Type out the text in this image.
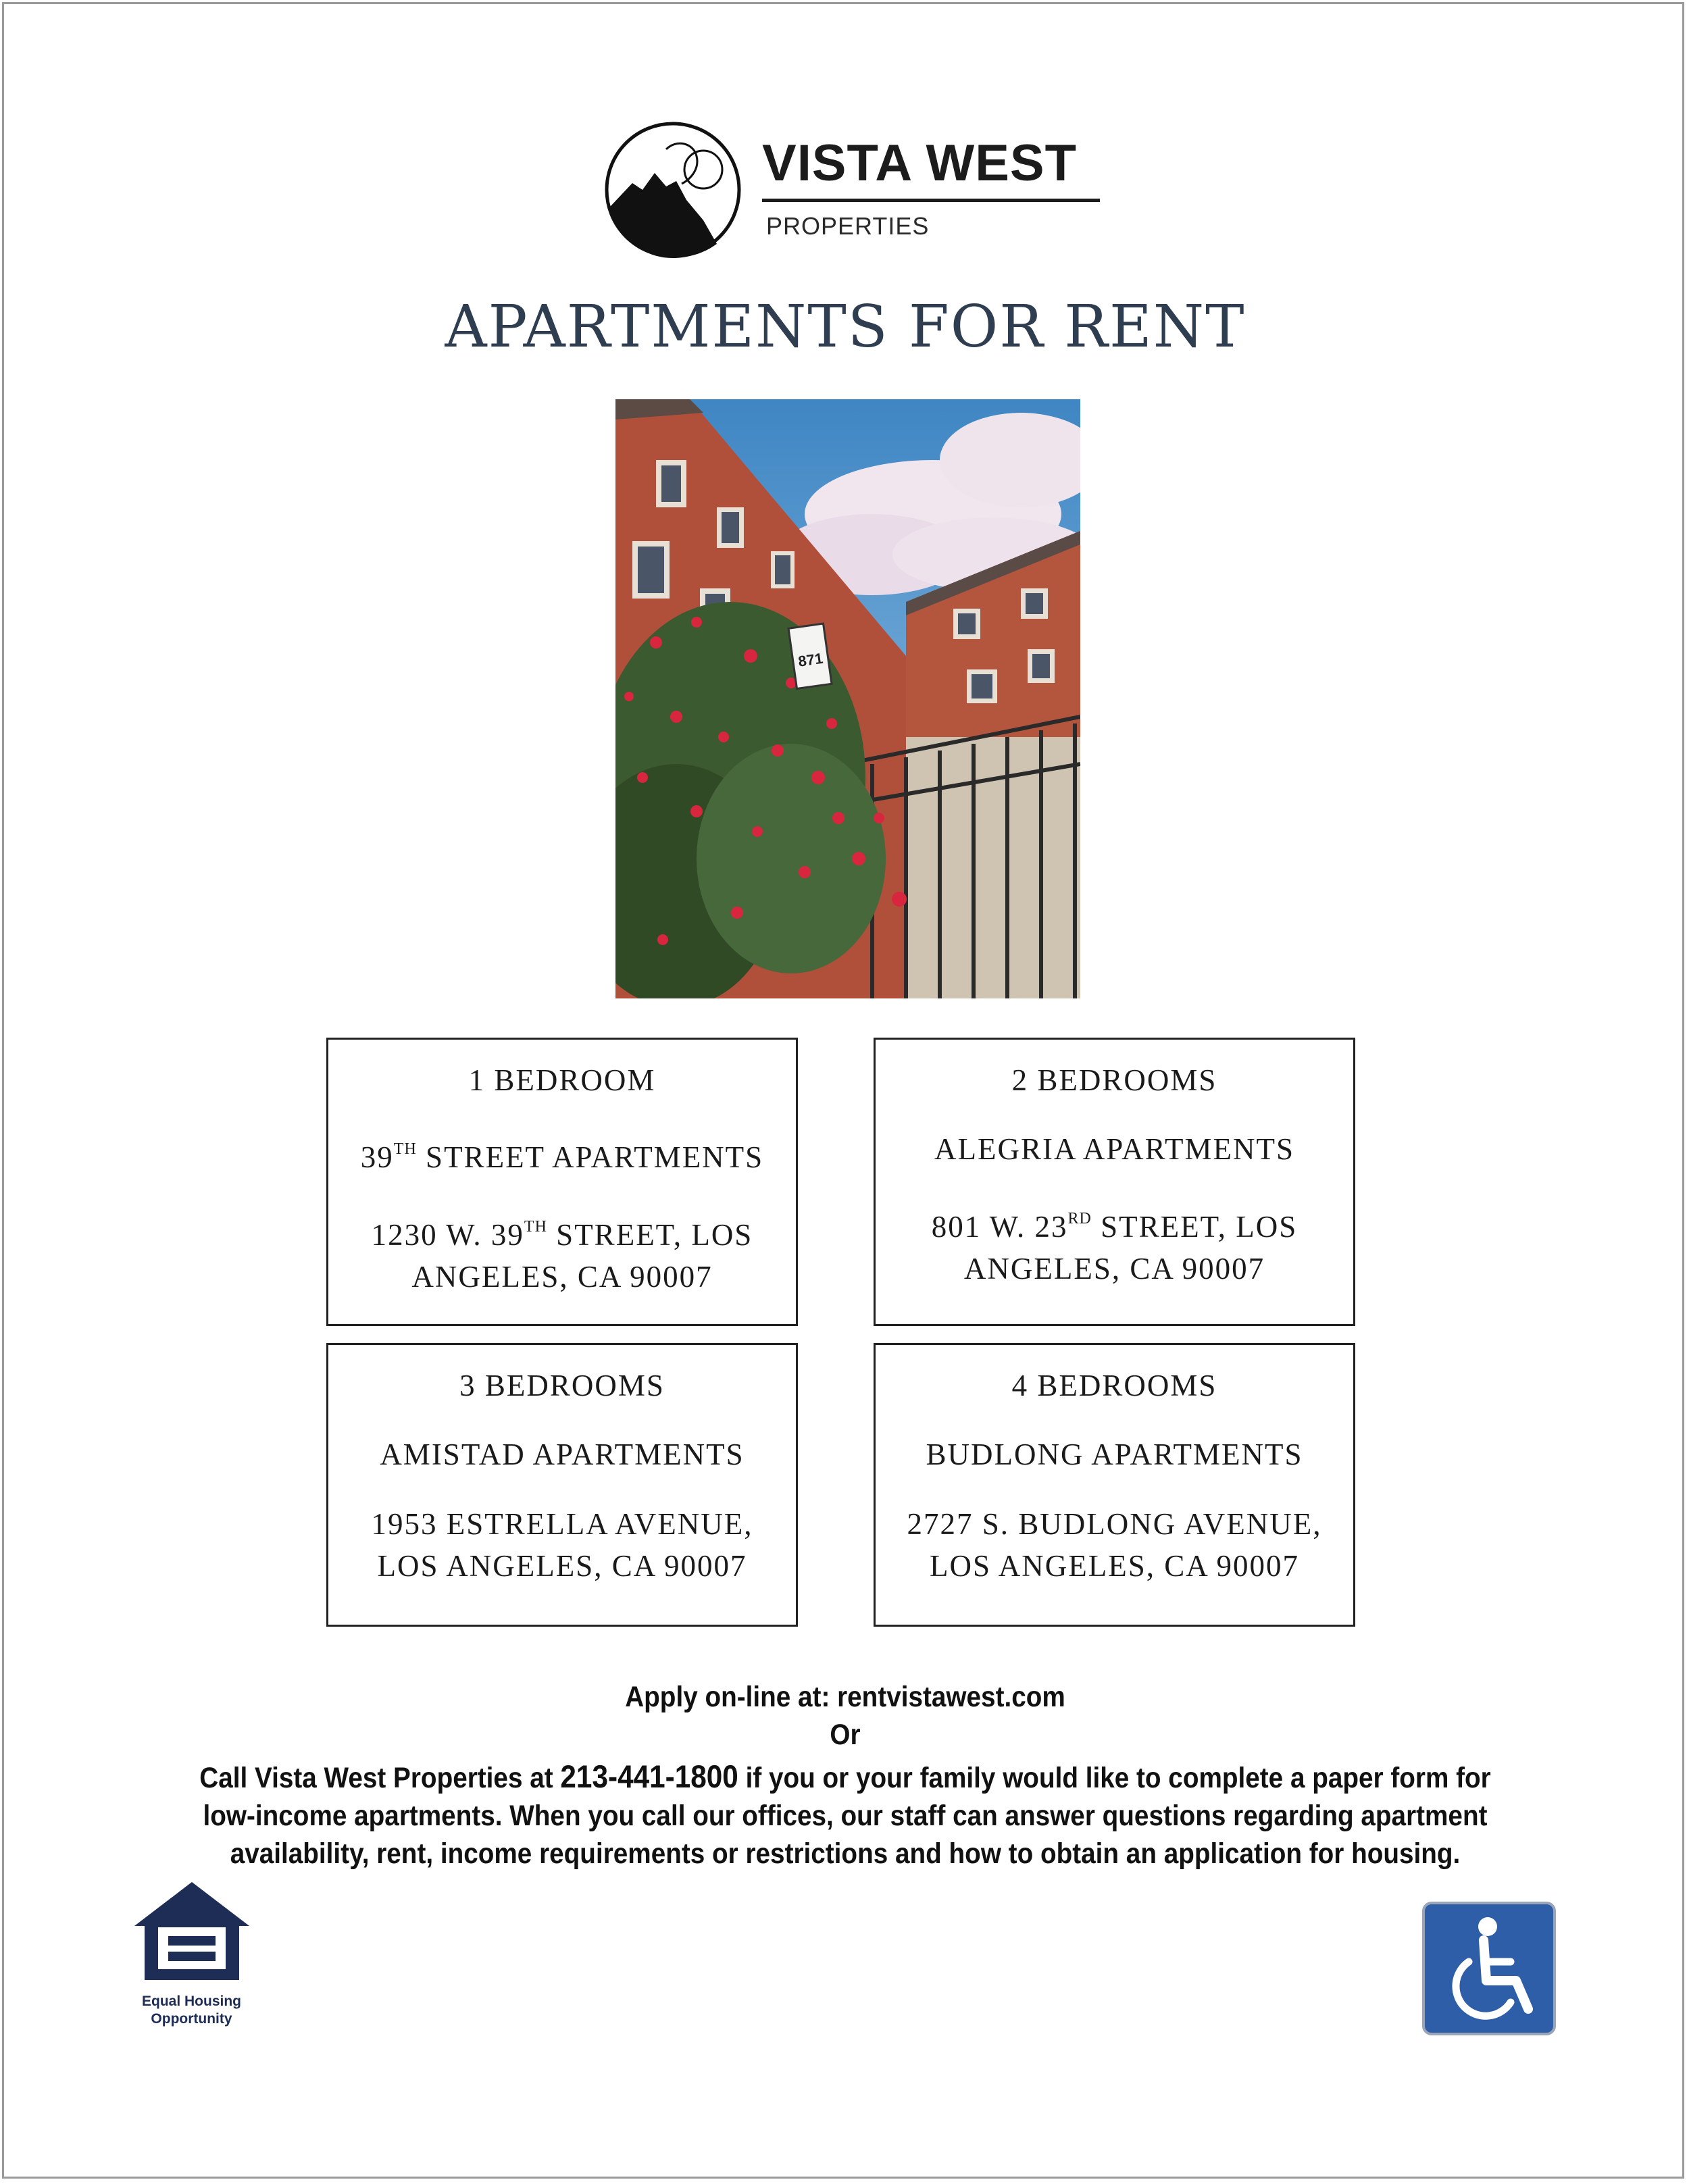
VISTA WEST
PROPERTIES
APARTMENTS FOR RENT
871
1 BEDROOM
39TH STREET APARTMENTS
1230 W. 39TH STREET, LOS
ANGELES, CA 90007
2 BEDROOMS
ALEGRIA APARTMENTS
801 W. 23RD STREET, LOS
ANGELES, CA 90007
3 BEDROOMS
AMISTAD APARTMENTS
1953 ESTRELLA AVENUE,
LOS ANGELES, CA 90007
4 BEDROOMS
BUDLONG APARTMENTS
2727 S. BUDLONG AVENUE,
LOS ANGELES, CA 90007
Apply on-line at: rentvistawest.com
Or
Call Vista West Properties at 213-441-1800 if you or your family would like to complete a paper form for low-income apartments. When you call our offices, our staff can answer questions regarding apartment availability, rent, income requirements or restrictions and how to obtain an application for housing.
Equal Housing
Opportunity
